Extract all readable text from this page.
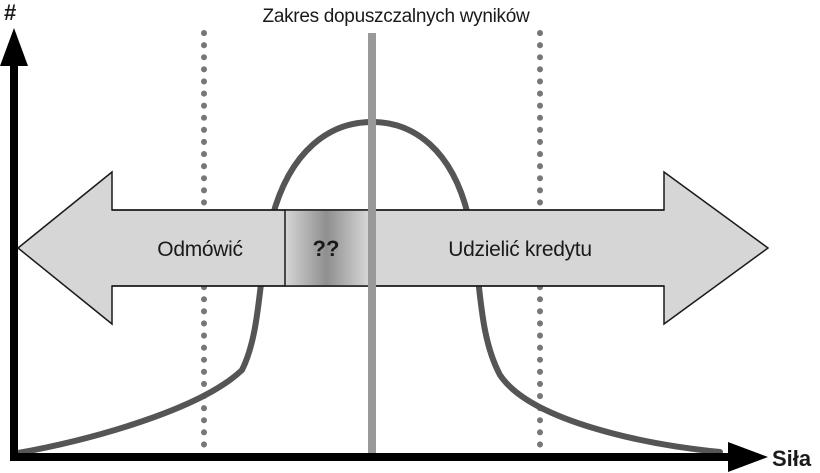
Zakres dopuszczalnych wyników
#
Siła
Odmówić	??	Udzielić kredytu
